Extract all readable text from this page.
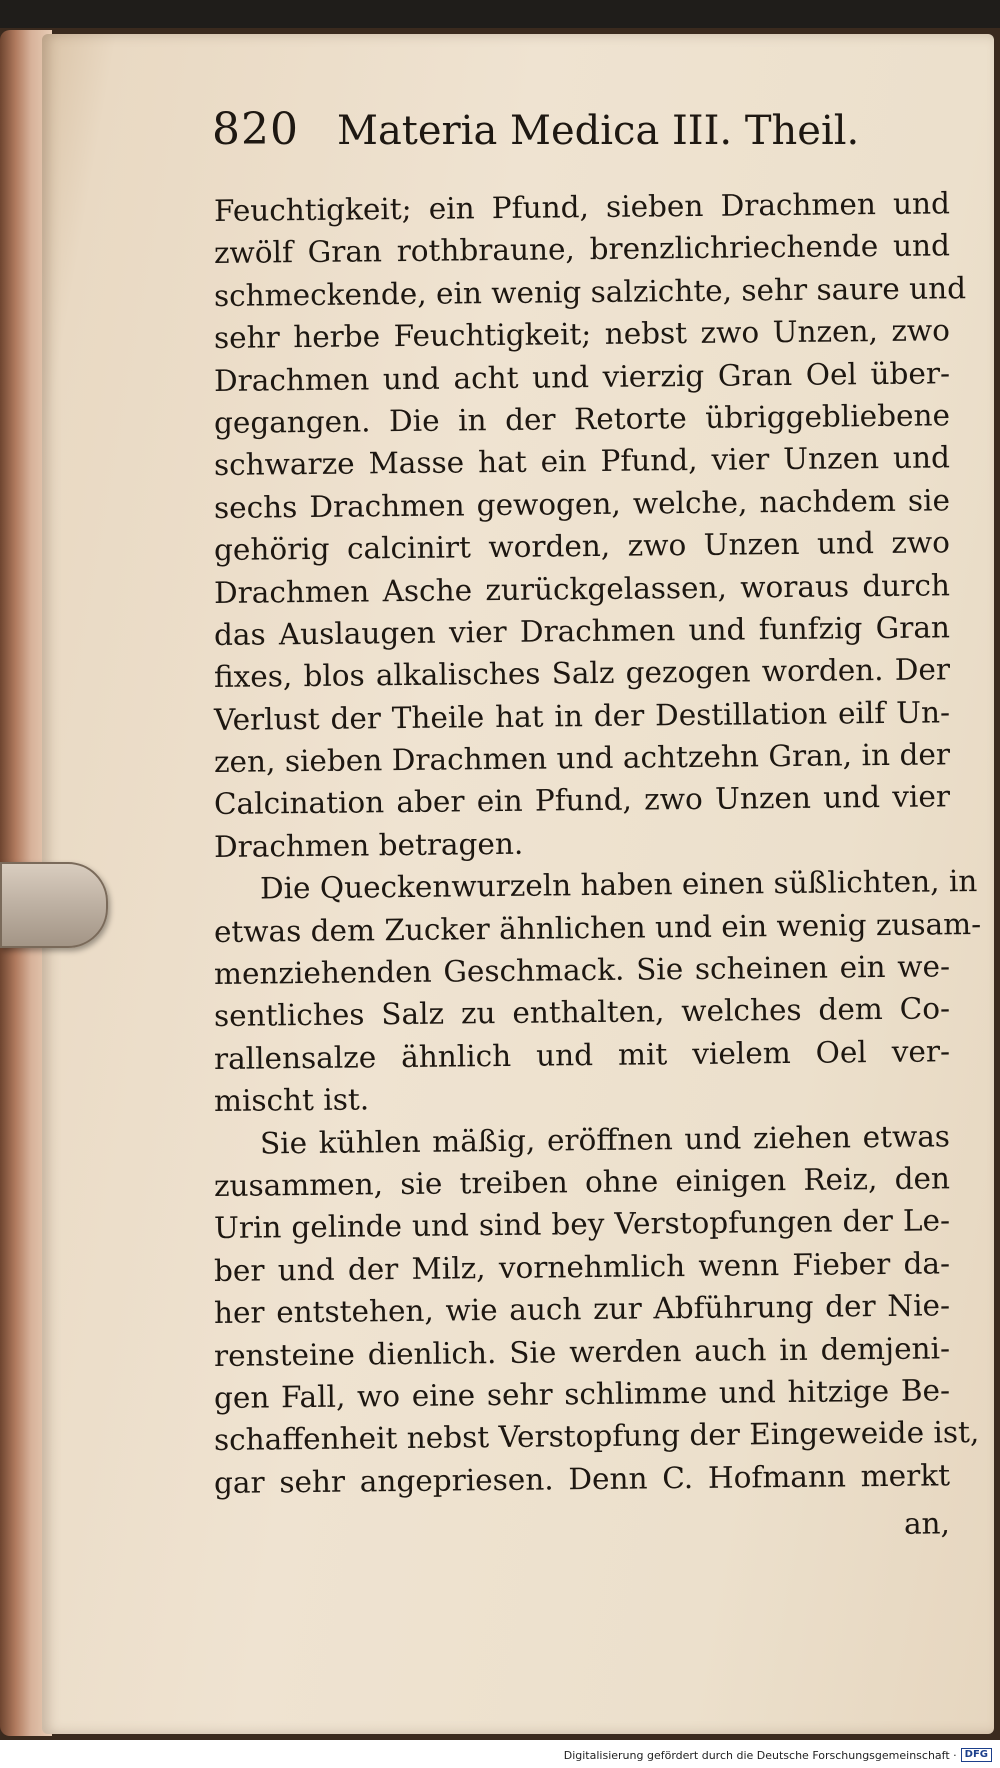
820 Materia Medica III. Theil.
Feuchtigkeit; ein Pfund, sieben Drachmen und
zwölf Gran rothbraune, brenzlichriechende und
schmeckende, ein wenig salzichte, sehr saure und
sehr herbe Feuchtigkeit; nebst zwo Unzen, zwo
Drachmen und acht und vierzig Gran Oel über-
gegangen. Die in der Retorte übriggebliebene
schwarze Masse hat ein Pfund, vier Unzen und
sechs Drachmen gewogen, welche, nachdem sie
gehörig calcinirt worden, zwo Unzen und zwo
Drachmen Asche zurückgelassen, woraus durch
das Auslaugen vier Drachmen und funfzig Gran
fixes, blos alkalisches Salz gezogen worden. Der
Verlust der Theile hat in der Destillation eilf Un-
zen, sieben Drachmen und achtzehn Gran, in der
Calcination aber ein Pfund, zwo Unzen und vier
Drachmen betragen.
Die Queckenwurzeln haben einen süßlichten, in
etwas dem Zucker ähnlichen und ein wenig zusam-
menziehenden Geschmack. Sie scheinen ein we-
sentliches Salz zu enthalten, welches dem Co-
rallensalze ähnlich und mit vielem Oel ver-
mischt ist.
Sie kühlen mäßig, eröffnen und ziehen etwas
zusammen, sie treiben ohne einigen Reiz, den
Urin gelinde und sind bey Verstopfungen der Le-
ber und der Milz, vornehmlich wenn Fieber da-
her entstehen, wie auch zur Abführung der Nie-
rensteine dienlich. Sie werden auch in demjeni-
gen Fall, wo eine sehr schlimme und hitzige Be-
schaffenheit nebst Verstopfung der Eingeweide ist,
gar sehr angepriesen. Denn C. Hofmann merkt
an,
Digitalisierung gefördert durch die Deutsche Forschungsgemeinschaft · DFG
